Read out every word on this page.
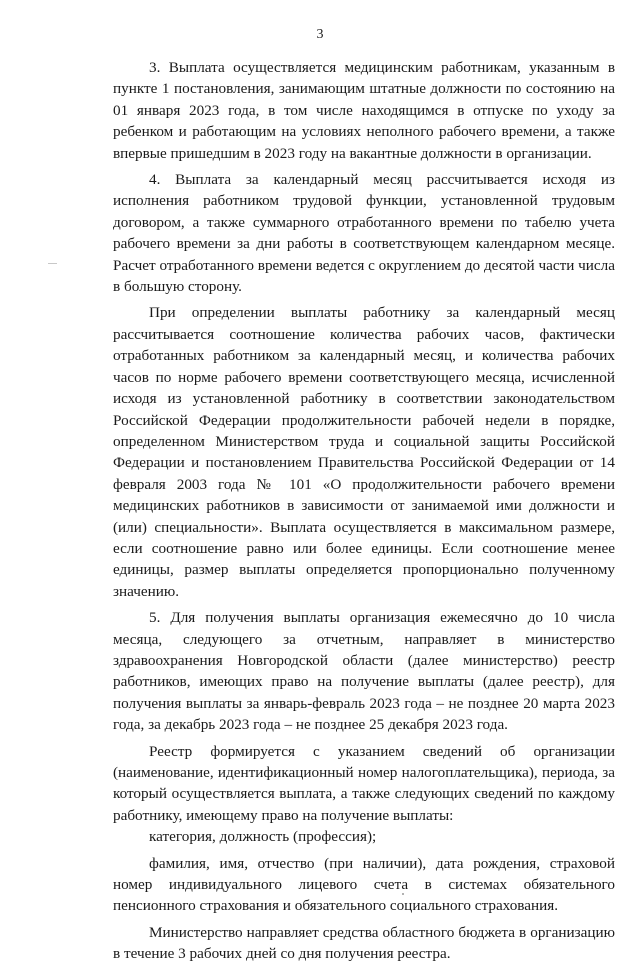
3

3. Выплата осуществляется медицинским работникам, указанным в пункте 1 постановления, занимающим штатные должности по состоянию на 01 января 2023 года, в том числе находящимся в отпуске по уходу за ребенком и работающим на условиях неполного рабочего времени, а также впервые пришедшим в 2023 году на вакантные должности в организации.

4. Выплата за календарный месяц рассчитывается исходя из исполнения работником трудовой функции, установленной трудовым договором, а также суммарного отработанного времени по табелю учета рабочего времени за дни работы в соответствующем календарном месяце. Расчет отработанного времени ведется с округлением до десятой части числа в большую сторону.

При определении выплаты работнику за календарный месяц рассчитывается соотношение количества рабочих часов, фактически отработанных работником за календарный месяц, и количества рабочих часов по норме рабочего времени соответствующего месяца, исчисленной исходя из установленной работнику в соответствии законодательством Российской Федерации продолжительности рабочей недели в порядке, определенном Министерством труда и социальной защиты Российской Федерации и постановлением Правительства Российской Федерации от 14 февраля 2003 года № 101 «О продолжительности рабочего времени медицинских работников в зависимости от занимаемой ими должности и (или) специальности». Выплата осуществляется в максимальном размере, если соотношение равно или более единицы. Если соотношение менее единицы, размер выплаты определяется пропорционально полученному значению.

5. Для получения выплаты организация ежемесячно до 10 числа месяца, следующего за отчетным, направляет в министерство здравоохранения Новгородской области (далее министерство) реестр работников, имеющих право на получение выплаты (далее реестр), для получения выплаты за январь-февраль 2023 года – не позднее 20 марта 2023 года, за декабрь 2023 года – не позднее 25 декабря 2023 года.

Реестр формируется с указанием сведений об организации (наименование, идентификационный номер налогоплательщика), периода, за который осуществляется выплата, а также следующих сведений по каждому работнику, имеющему право на получение выплаты:

категория, должность (профессия);

фамилия, имя, отчество (при наличии), дата рождения, страховой номер индивидуального лицевого счета в системах обязательного пенсионного страхования и обязательного социального страхования.

Министерство направляет средства областного бюджета в организацию в течение 3 рабочих дней со дня получения реестра.
